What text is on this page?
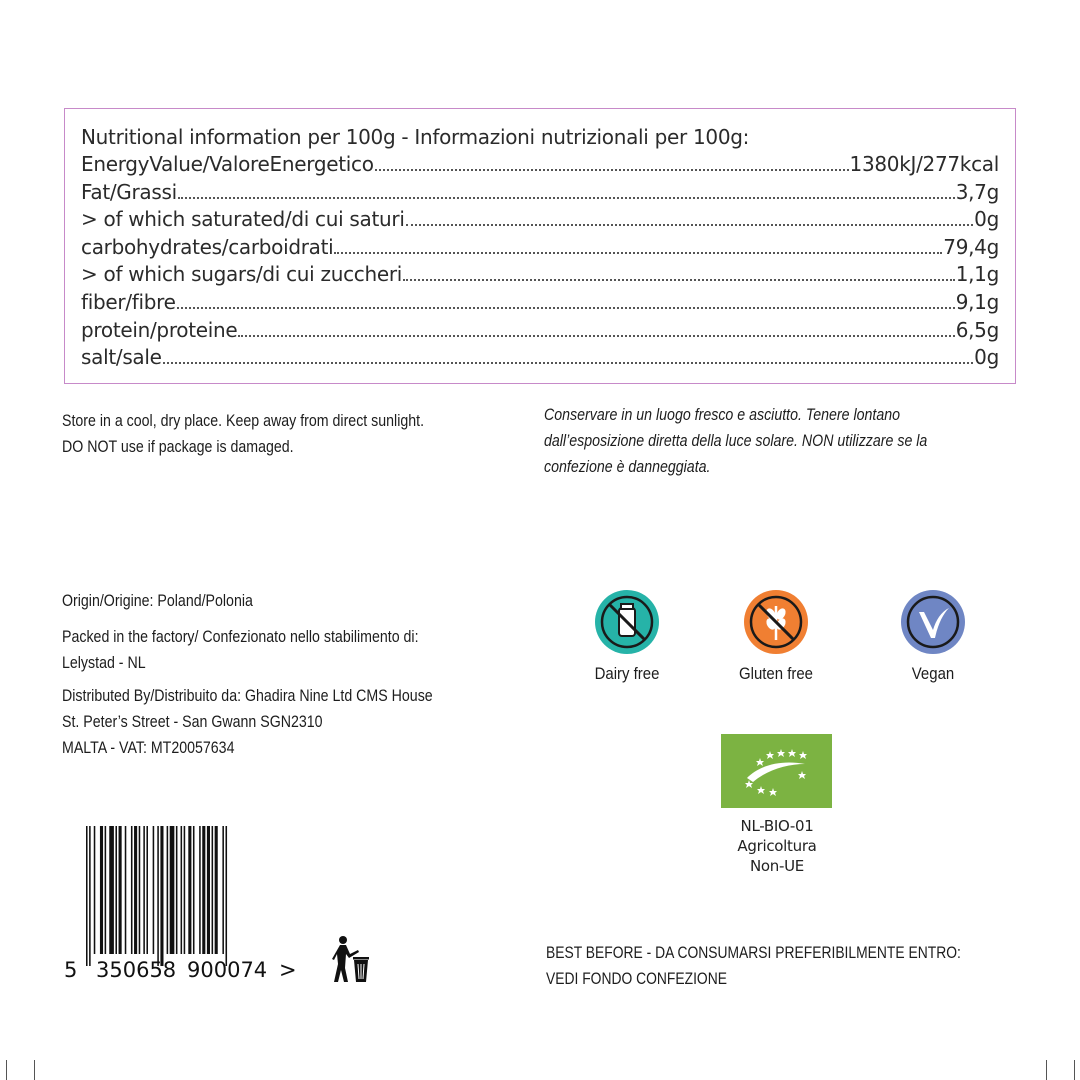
Nutritional information per 100g - Informazioni nutrizionali per 100g:
EnergyValue/ValoreEnergetico	1380kJ/277kcal
Fat/Grassi	3,7g
> of which saturated/di cui saturi	0g
carbohydrates/carboidrati	79,4g
> of which sugars/di cui zuccheri	1,1g
fiber/fibre	9,1g
protein/proteine	6,5g
salt/sale	0g
Store in a cool, dry place. Keep away from direct sunlight.
DO NOT use if package is damaged.
Conservare in un luogo fresco e asciutto. Tenere lontano
dall’esposizione diretta della luce solare. NON utilizzare se la
confezione è danneggiata.
Origin/Origine: Poland/Polonia
Packed in the factory/ Confezionato nello stabilimento di:
Lelystad - NL
Distributed By/Distribuito da: Ghadira Nine Ltd CMS House
St. Peter’s Street - San Gwann SGN2310
MALTA - VAT: MT20057634
Dairy free	Gluten free	Vegan
NL-BIO-01
Agricoltura
Non-UE
5 350658 900074 >
BEST BEFORE - DA CONSUMARSI PREFERIBILMENTE ENTRO:
VEDI FONDO CONFEZIONE
